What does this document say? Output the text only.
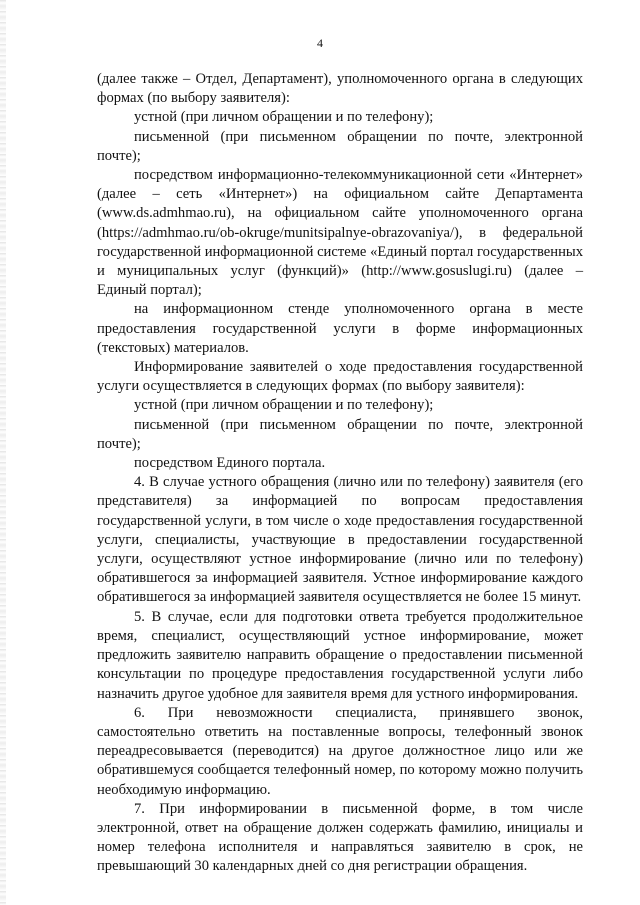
4

(далее также – Отдел, Департамент), уполномоченного органа в следующих формах (по выбору заявителя):

устной (при личном обращении и по телефону);

письменной (при письменном обращении по почте, электронной почте);

посредством информационно-телекоммуникационной сети «Интернет» (далее – сеть «Интернет») на официальном сайте Департамента (www.ds.admhmao.ru), на официальном сайте уполномоченного органа (https://admhmao.ru/ob-okruge/munitsipalnye-obrazovaniya/), в федеральной государственной информационной системе «Единый портал государственных и муниципальных услуг (функций)» (http://www.gosuslugi.ru) (далее – Единый портал);

на информационном стенде уполномоченного органа в месте предоставления государственной услуги в форме информационных (текстовых) материалов.

Информирование заявителей о ходе предоставления государственной услуги осуществляется в следующих формах (по выбору заявителя):

устной (при личном обращении и по телефону);

письменной (при письменном обращении по почте, электронной почте);

посредством Единого портала.

4. В случае устного обращения (лично или по телефону) заявителя (его представителя) за информацией по вопросам предоставления государственной услуги, в том числе о ходе предоставления государственной услуги, специалисты, участвующие в предоставлении государственной услуги, осуществляют устное информирование (лично или по телефону) обратившегося за информацией заявителя. Устное информирование каждого обратившегося за информацией заявителя осуществляется не более 15 минут.

5. В случае, если для подготовки ответа требуется продолжительное время, специалист, осуществляющий устное информирование, может предложить заявителю направить обращение о предоставлении письменной консультации по процедуре предоставления государственной услуги либо назначить другое удобное для заявителя время для устного информирования.

6. При невозможности специалиста, принявшего звонок, самостоятельно ответить на поставленные вопросы, телефонный звонок переадресовывается (переводится) на другое должностное лицо или же обратившемуся сообщается телефонный номер, по которому можно получить необходимую информацию.

7. При информировании в письменной форме, в том числе электронной, ответ на обращение должен содержать фамилию, инициалы и номер телефона исполнителя и направляться заявителю в срок, не превышающий 30 календарных дней со дня регистрации обращения.
